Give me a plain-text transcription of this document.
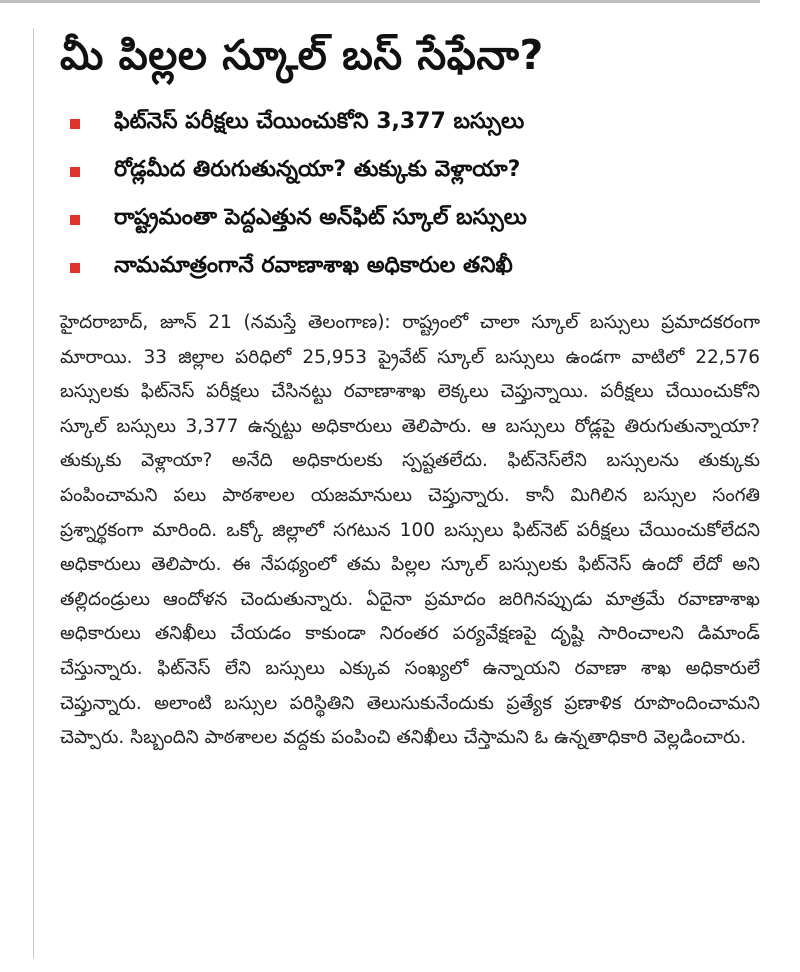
మీ పిల్లల స్కూల్ బస్ సేఫేనా?
ఫిట్‌నెస్ పరీక్షలు చేయించుకోని 3,377 బస్సులు
రోడ్లమీద తిరుగుతున్నయా? తుక్కుకు వెళ్లాయా?
రాష్ట్రమంతా పెద్దఎత్తున అన్‌ఫిట్ స్కూల్ బస్సులు
నామమాత్రంగానే రవాణాశాఖ అధికారుల తనిఖీ

హైదరాబాద్, జూన్ 21 (నమస్తే తెలంగాణ): రాష్ట్రంలో చాలా స్కూల్ బస్సులు ప్రమాదకరంగా మారాయి. 33 జిల్లాల పరిధిలో 25,953 ప్రైవేట్ స్కూల్ బస్సులు ఉండగా వాటిలో 22,576 బస్సులకు ఫిట్‌నెస్ పరీక్షలు చేసినట్టు రవాణాశాఖ లెక్కలు చెప్తున్నాయి. పరీక్షలు చేయించుకోని స్కూల్ బస్సులు 3,377 ఉన్నట్టు అధికారులు తెలిపారు. ఆ బస్సులు రోడ్లపై తిరుగుతున్నాయా? తుక్కుకు వెళ్లాయా? అనేది అధికారులకు స్పష్టతలేదు. ఫిట్‌నెస్‌లేని బస్సులను తుక్కుకు పంపించామని పలు పాఠశాలల యజమానులు చెప్తున్నారు. కానీ మిగిలిన బస్సుల సంగతి ప్రశ్నార్థకంగా మారింది. ఒక్కో జిల్లాలో సగటున 100 బస్సులు ఫిట్‌నెట్ పరీక్షలు చేయించుకోలేదని అధికారులు తెలిపారు. ఈ నేపథ్యంలో తమ పిల్లల స్కూల్ బస్సులకు ఫిట్‌నెస్ ఉందో లేదో అని తల్లిదండ్రులు ఆందోళన చెందుతున్నారు. ఏదైనా ప్రమాదం జరిగినప్పుడు మాత్రమే రవాణాశాఖ అధికారులు తనిఖీలు చేయడం కాకుండా నిరంతర పర్యవేక్షణపై దృష్టి సారించాలని డిమాండ్ చేస్తున్నారు. ఫిట్‌నెస్ లేని బస్సులు ఎక్కువ సంఖ్యలో ఉన్నాయని రవాణా శాఖ అధికారులే చెప్తున్నారు. అలాంటి బస్సుల పరిస్థితిని తెలుసుకునేందుకు ప్రత్యేక ప్రణాళిక రూపొందించామని చెప్పారు. సిబ్బందిని పాఠశాలల వద్దకు పంపించి తనిఖీలు చేస్తామని ఓ ఉన్నతాధికారి వెల్లడించారు.
